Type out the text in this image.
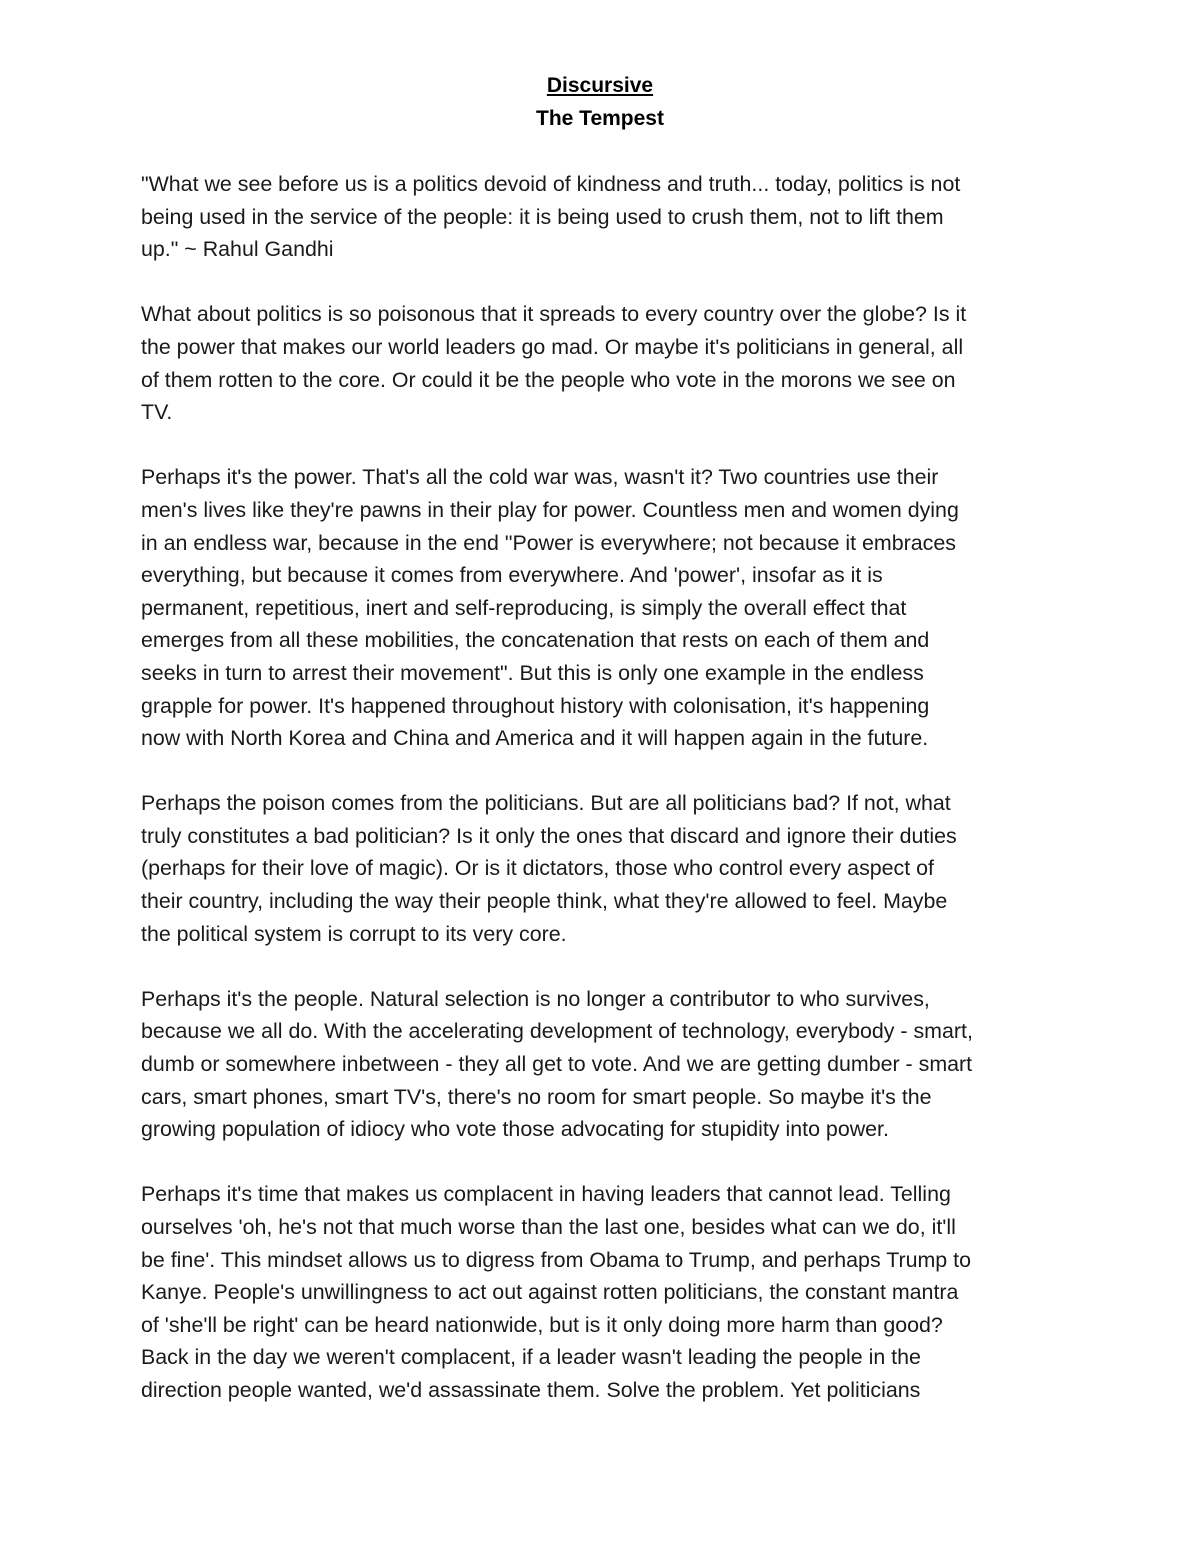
Discursive
The Tempest
"What we see before us is a politics devoid of kindness and truth... today, politics is not
being used in the service of the people: it is being used to crush them, not to lift them
up." ~ Rahul Gandhi
What about politics is so poisonous that it spreads to every country over the globe? Is it
the power that makes our world leaders go mad. Or maybe it's politicians in general, all
of them rotten to the core. Or could it be the people who vote in the morons we see on
TV.
Perhaps it's the power. That's all the cold war was, wasn't it? Two countries use their
men's lives like they're pawns in their play for power. Countless men and women dying
in an endless war, because in the end "Power is everywhere; not because it embraces
everything, but because it comes from everywhere. And 'power', insofar as it is
permanent, repetitious, inert and self-reproducing, is simply the overall effect that
emerges from all these mobilities, the concatenation that rests on each of them and
seeks in turn to arrest their movement". But this is only one example in the endless
grapple for power. It's happened throughout history with colonisation, it's happening
now with North Korea and China and America and it will happen again in the future.
Perhaps the poison comes from the politicians. But are all politicians bad? If not, what
truly constitutes a bad politician? Is it only the ones that discard and ignore their duties
(perhaps for their love of magic). Or is it dictators, those who control every aspect of
their country, including the way their people think, what they're allowed to feel. Maybe
the political system is corrupt to its very core.
Perhaps it's the people. Natural selection is no longer a contributor to who survives,
because we all do. With the accelerating development of technology, everybody - smart,
dumb or somewhere inbetween - they all get to vote. And we are getting dumber - smart
cars, smart phones, smart TV's, there's no room for smart people. So maybe it's the
growing population of idiocy who vote those advocating for stupidity into power.
Perhaps it's time that makes us complacent in having leaders that cannot lead. Telling
ourselves 'oh, he's not that much worse than the last one, besides what can we do, it'll
be fine'. This mindset allows us to digress from Obama to Trump, and perhaps Trump to
Kanye. People's unwillingness to act out against rotten politicians, the constant mantra
of 'she'll be right' can be heard nationwide, but is it only doing more harm than good?
Back in the day we weren't complacent, if a leader wasn't leading the people in the
direction people wanted, we'd assassinate them. Solve the problem. Yet politicians
